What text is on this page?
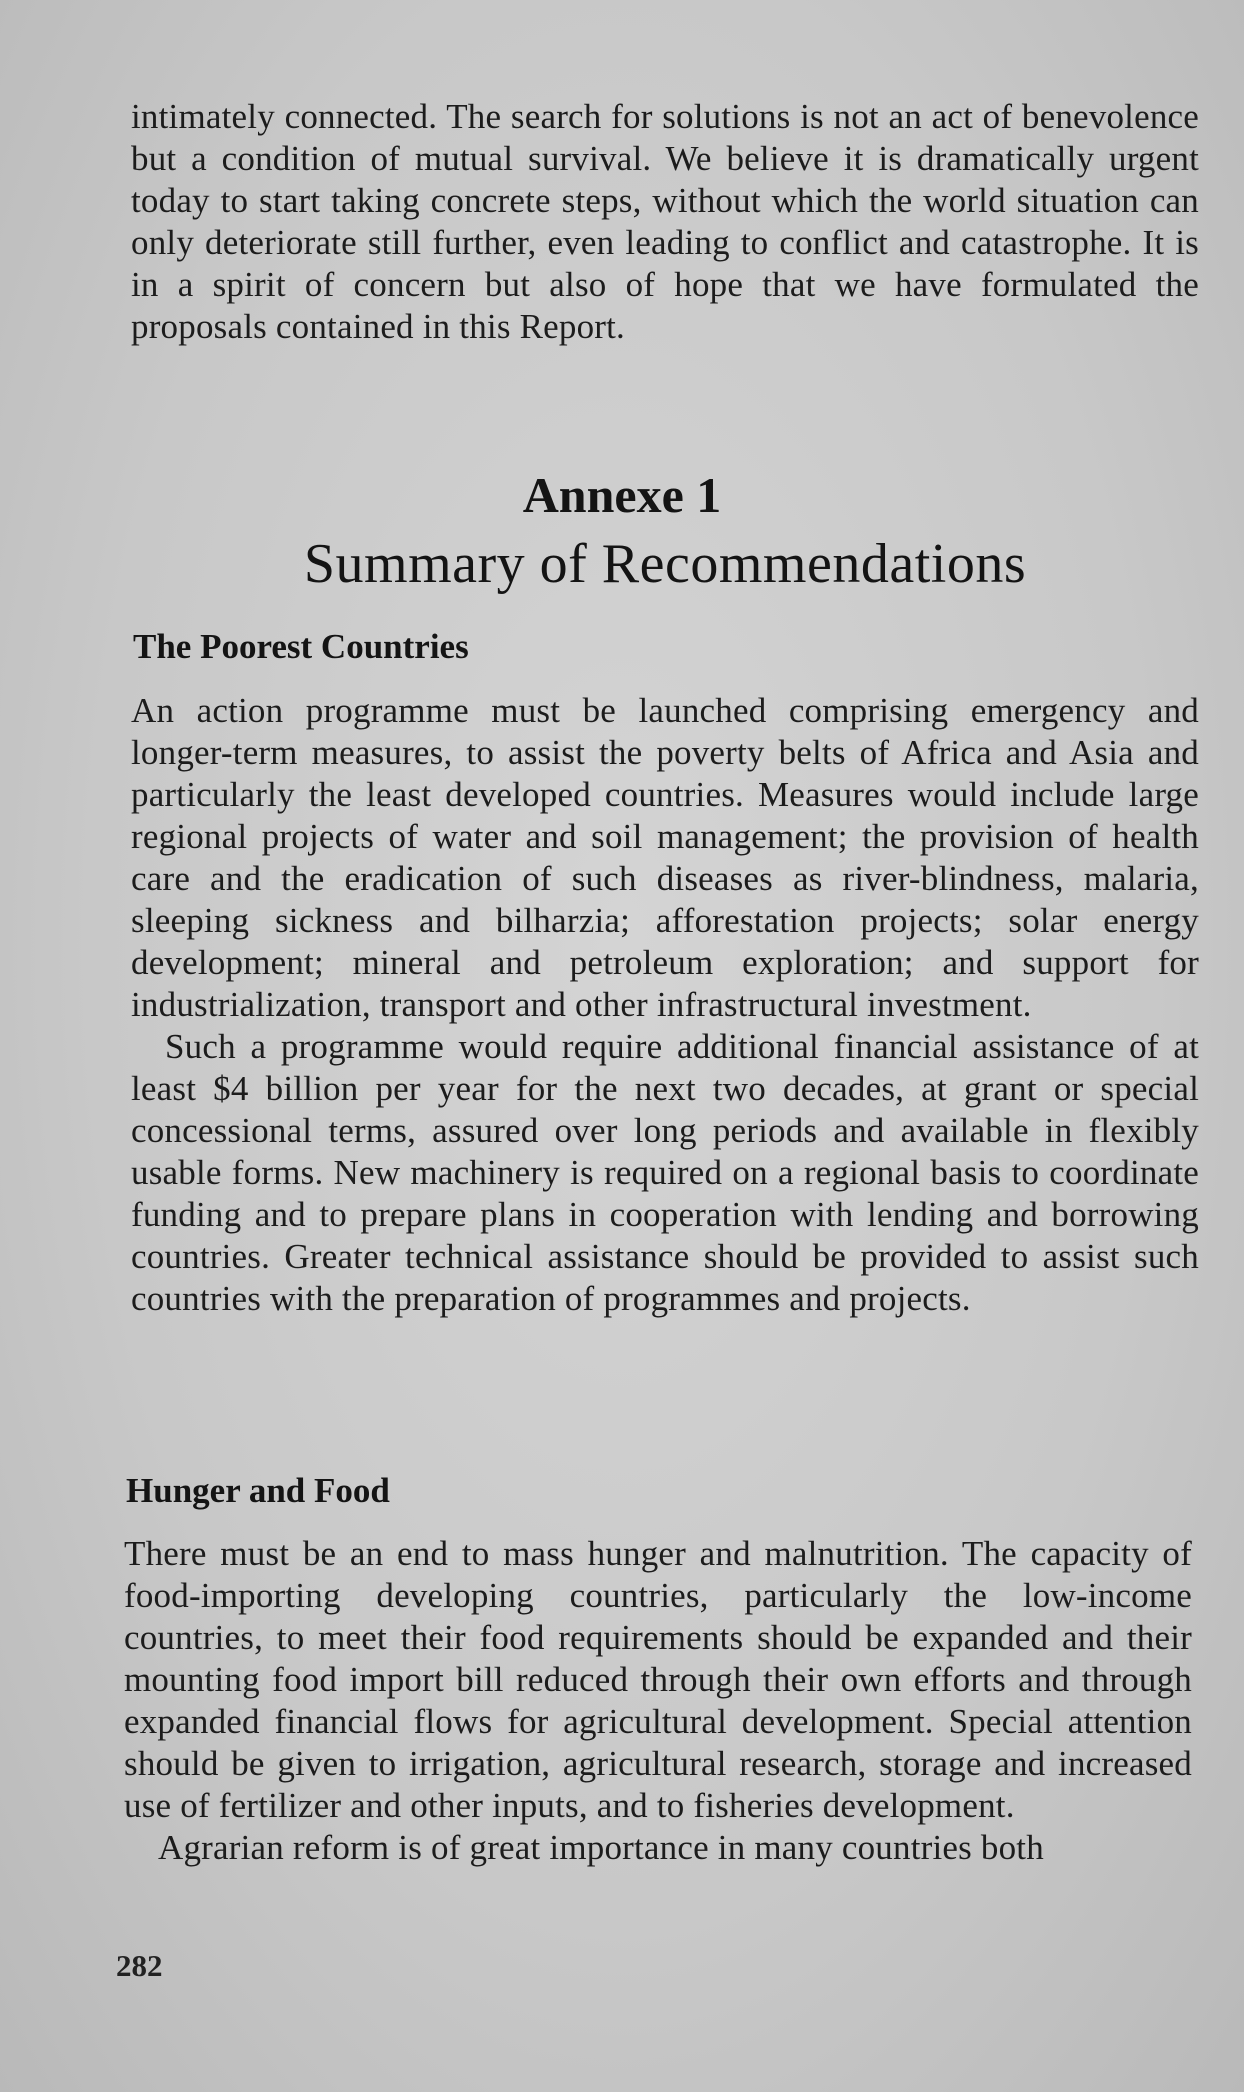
intimately connected. The search for solutions is not an act of benevolence but a condition of mutual survival. We believe it is dramatically urgent today to start taking concrete steps, without which the world situation can only deteriorate still further, even leading to conflict and catastrophe. It is in a spirit of concern but also of hope that we have formulated the proposals contained in this Report.

Annexe 1
Summary of Recommendations
The Poorest Countries

An action programme must be launched comprising emergency and longer-term measures, to assist the poverty belts of Africa and Asia and particularly the least developed countries. Measures would include large regional projects of water and soil management; the provision of health care and the eradication of such diseases as river-blindness, malaria, sleeping sickness and bilharzia; afforestation projects; solar energy development; mineral and petroleum exploration; and support for industrialization, transport and other infrastructural investment.

Such a programme would require additional financial assistance of at least $4 billion per year for the next two decades, at grant or special concessional terms, assured over long periods and available in flexibly usable forms. New machinery is required on a regional basis to coordinate funding and to prepare plans in cooperation with lending and borrowing countries. Greater technical assistance should be provided to assist such countries with the preparation of programmes and projects.

Hunger and Food

There must be an end to mass hunger and malnutrition. The capacity of food-importing developing countries, particularly the low-income countries, to meet their food requirements should be expanded and their mounting food import bill reduced through their own efforts and through expanded financial flows for agricultural development. Special attention should be given to irrigation, agricultural research, storage and increased use of fertilizer and other inputs, and to fisheries development.

Agrarian reform is of great importance in many countries both

282
